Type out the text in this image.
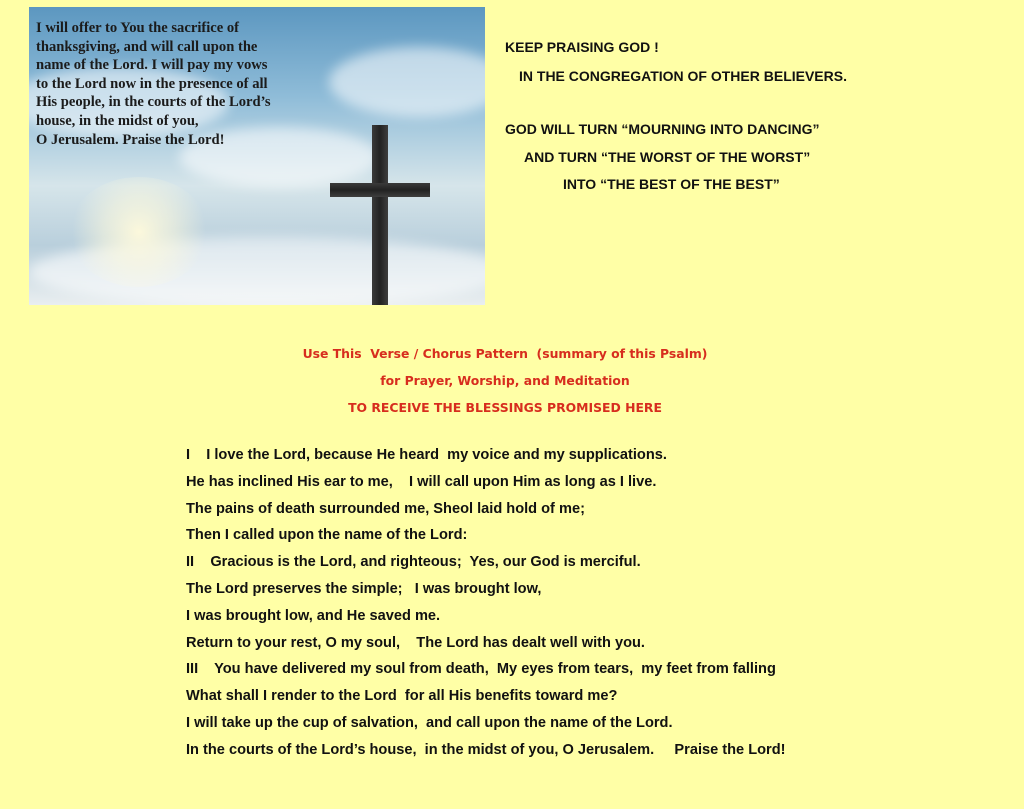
I will offer to You the sacrifice of
thanksgiving, and will call upon the
name of the Lord. I will pay my vows
to the Lord now in the presence of all
His people, in the courts of the Lord’s
house, in the midst of you,
O Jerusalem. Praise the Lord!

KEEP PRAISING GOD !
IN THE CONGREGATION OF OTHER BELIEVERS.
GOD WILL TURN “MOURNING INTO DANCING”
AND TURN “THE WORST OF THE WORST”
INTO “THE BEST OF THE BEST”
Use This  Verse / Chorus Pattern  (summary of this Psalm)
for Prayer, Worship, and Meditation
TO RECEIVE THE BLESSINGS PROMISED HERE
I    I love the Lord, because He heard  my voice and my supplications.
He has inclined His ear to me,    I will call upon Him as long as I live.
The pains of death surrounded me, Sheol laid hold of me;
Then I called upon the name of the Lord:
II    Gracious is the Lord, and righteous;  Yes, our God is merciful.
The Lord preserves the simple;   I was brought low,
I was brought low, and He saved me.
Return to your rest, O my soul,    The Lord has dealt well with you.
III    You have delivered my soul from death,  My eyes from tears,  my feet from falling
What shall I render to the Lord  for all His benefits toward me?
I will take up the cup of salvation,  and call upon the name of the Lord.
In the courts of the Lord’s house,  in the midst of you, O Jerusalem.     Praise the Lord!
